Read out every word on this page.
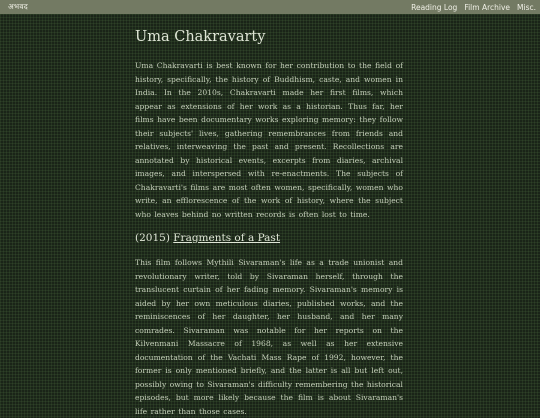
अभवद	Reading Log Film Archive Misc.
Uma Chakravarty

Uma Chakravarti is best known for her contribution to the field of history, specifically, the history of Buddhism, caste, and women in India. In the 2010s, Chakravarti made her first films, which appear as extensions of her work as a historian. Thus far, her films have been documentary works exploring memory: they follow their subjects' lives, gathering remembrances from friends and relatives, interweaving the past and present. Recollections are annotated by historical events, excerpts from diaries, archival images, and interspersed with re-enactments. The subjects of Chakravarti's films are most often women, specifically, women who write, an efflorescence of the work of history, where the subject who leaves behind no written records is often lost to time.

(2015) Fragments of a Past

This film follows Mythili Sivaraman's life as a trade unionist and revolutionary writer, told by Sivaraman herself, through the translucent curtain of her fading memory. Sivaraman's memory is aided by her own meticulous diaries, published works, and the reminiscences of her daughter, her husband, and her many comrades. Sivaraman was notable for her reports on the Kilvenmani Massacre of 1968, as well as her extensive documentation of the Vachati Mass Rape of 1992, however, the former is only mentioned briefly, and the latter is all but left out, possibly owing to Sivaraman's difficulty remembering the historical episodes, but more likely because the film is about Sivaraman's life rather than those cases.
